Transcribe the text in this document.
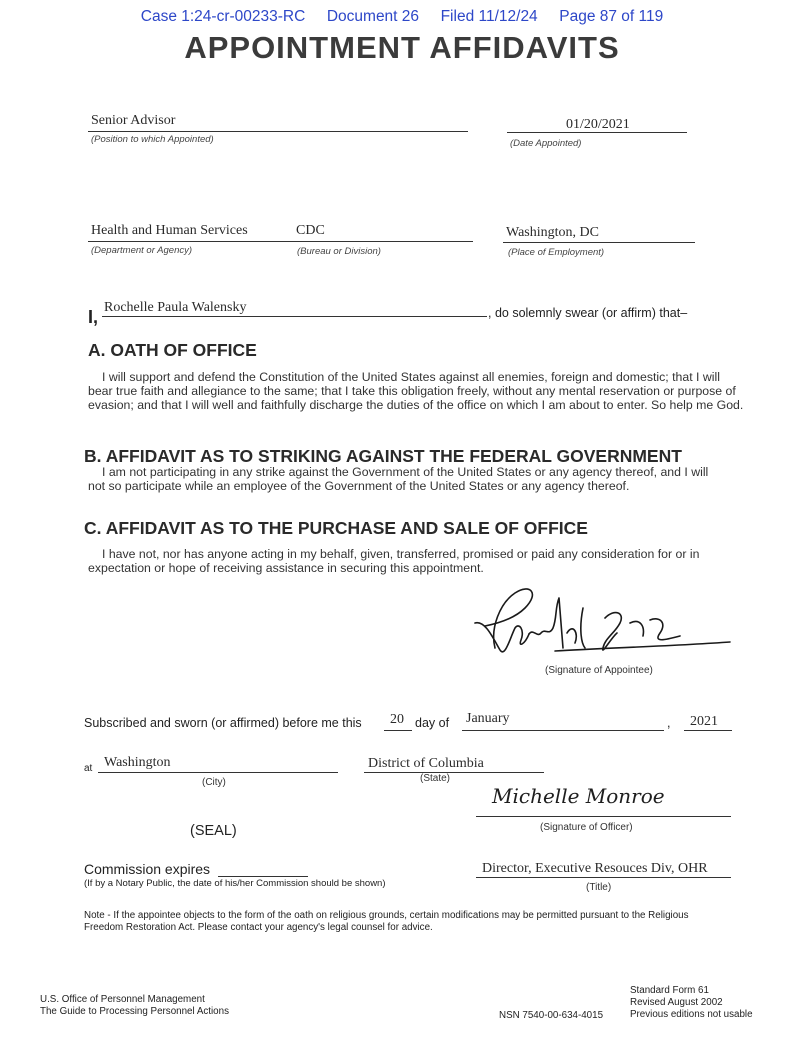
Case 1:24-cr-00233-RC Document 26 Filed 11/12/24 Page 87 of 119
APPOINTMENT AFFIDAVITS
Senior Advisor
(Position to which Appointed)
01/20/2021
(Date Appointed)
Health and Human Services
(Department or Agency)
CDC
(Bureau or Division)
Washington, DC
(Place of Employment)
I, Rochelle Paula Walensky	, do solemnly swear (or affirm) that–
A. OATH OF OFFICE
I will support and defend the Constitution of the United States against all enemies, foreign and domestic; that I will bear true faith and allegiance to the same; that I take this obligation freely, without any mental reservation or purpose of evasion; and that I will well and faithfully discharge the duties of the office on which I am about to enter. So help me God.
B. AFFIDAVIT AS TO STRIKING AGAINST THE FEDERAL GOVERNMENT
I am not participating in any strike against the Government of the United States or any agency thereof, and I will not so participate while an employee of the Government of the United States or any agency thereof.
C. AFFIDAVIT AS TO THE PURCHASE AND SALE OF OFFICE
I have not, nor has anyone acting in my behalf, given, transferred, promised or paid any consideration for or in expectation or hope of receiving assistance in securing this appointment.
(Signature of Appointee)
Subscribed and sworn (or affirmed) before me this 20 day of January	, 2021
at Washington
(City)
District of Columbia
(State)
Michelle Monroe
(Signature of Officer)
(SEAL)
Commission expires
(If by a Notary Public, the date of his/her Commission should be shown)
Director, Executive Resouces Div, OHR
(Title)
Note - If the appointee objects to the form of the oath on religious grounds, certain modifications may be permitted pursuant to the Religious Freedom Restoration Act. Please contact your agency's legal counsel for advice.
U.S. Office of Personnel Management
The Guide to Processing Personnel Actions	NSN 7540-00-634-4015
Standard Form 61
Revised August 2002
Previous editions not usable
